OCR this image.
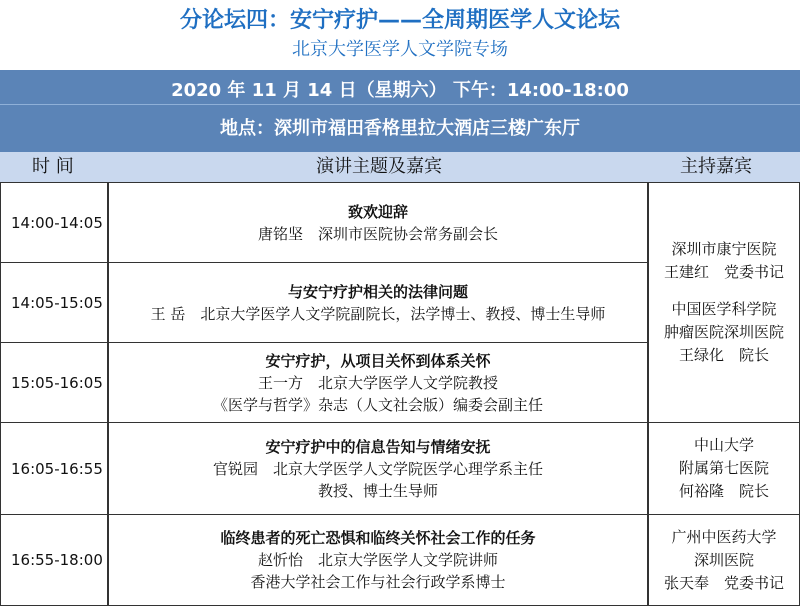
分论坛四：安宁疗护——全周期医学人文论坛
北京大学医学人文学院专场
2020 年 11 月 14 日（星期六） 下午：14:00-18:00
地点：深圳市福田香格里拉大酒店三楼广东厅
时 间	演讲主题及嘉宾	主持嘉宾
14:00-14:05
致欢迎辞
唐铭坚　深圳市医院协会常务副会长
14:05-15:05
与安宁疗护相关的法律问题
王 岳　北京大学医学人文学院副院长，法学博士、教授、博士生导师
15:05-16:05
安宁疗护，从项目关怀到体系关怀
王一方　北京大学医学人文学院教授
《医学与哲学》杂志（人文社会版）编委会副主任
16:05-16:55
安宁疗护中的信息告知与情绪安抚
官锐园　北京大学医学人文学院医学心理学系主任
教授、博士生导师
16:55-18:00
临终患者的死亡恐惧和临终关怀社会工作的任务
赵忻怡　北京大学医学人文学院讲师
香港大学社会工作与社会行政学系博士
深圳市康宁医院
王建红　党委书记
中国医学科学院
肿瘤医院深圳医院
王绿化　院长
中山大学
附属第七医院
何裕隆　院长
广州中医药大学
深圳医院
张天奉　党委书记
